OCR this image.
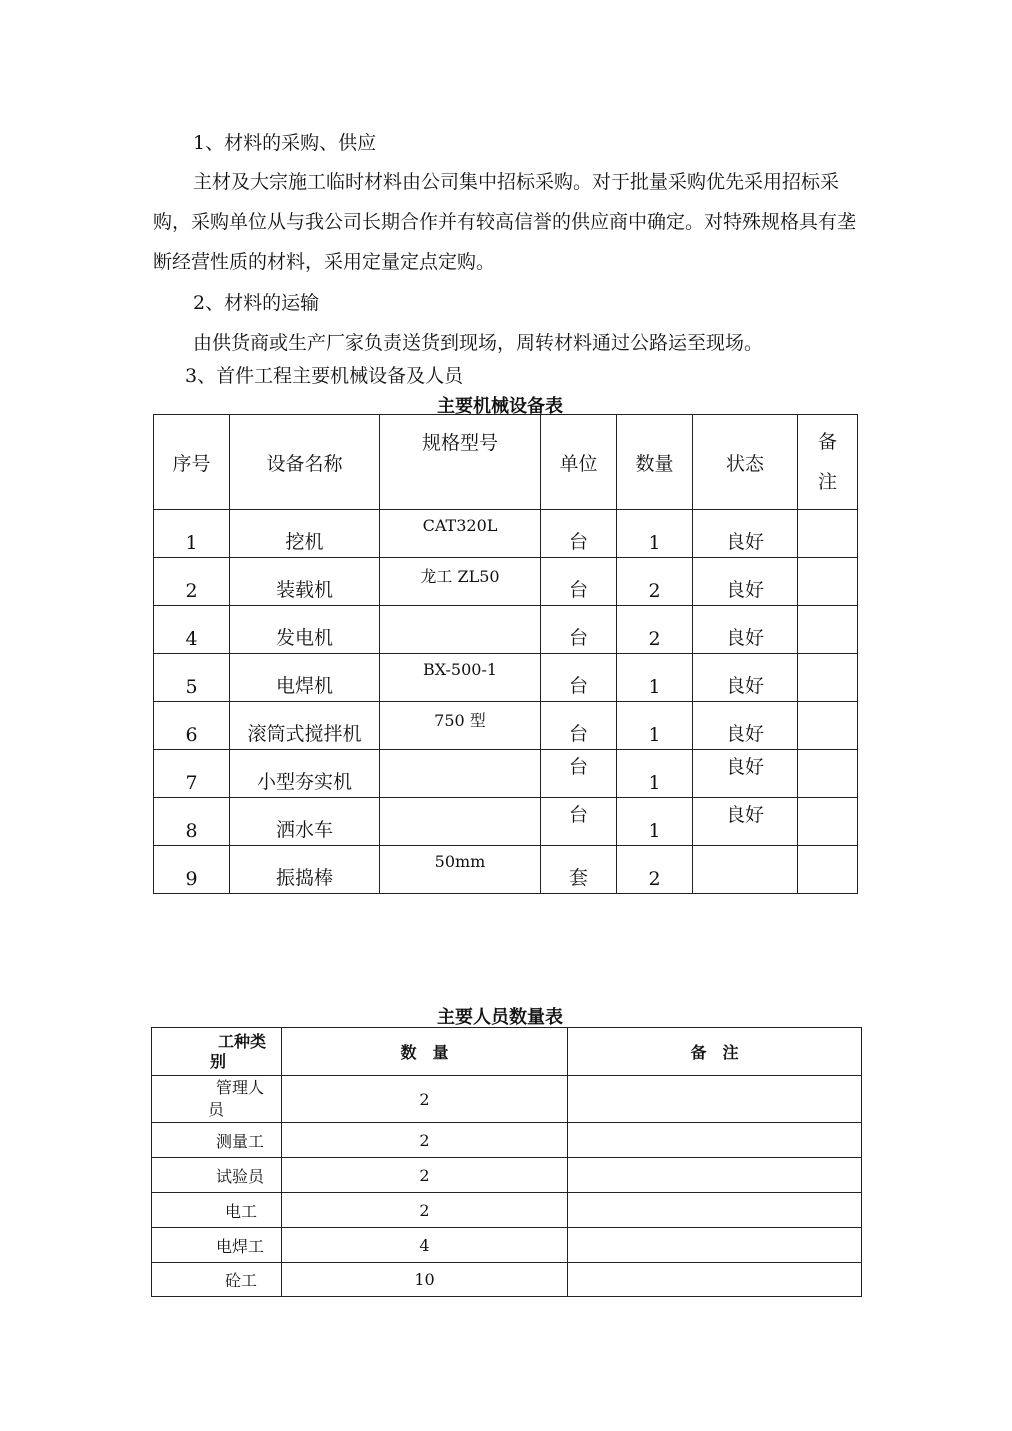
1、材料的采购、供应
主材及大宗施工临时材料由公司集中招标采购。对于批量采购优先采用招标采购，采购单位从与我公司长期合作并有较高信誉的供应商中确定。对特殊规格具有垄断经营性质的材料，采用定量定点定购。
2、材料的运输
由供货商或生产厂家负责送货到现场，周转材料通过公路运至现场。
3、首件工程主要机械设备及人员
主要机械设备表
序号	设备名称	规格型号	单位	数量	状态	备
注

1	挖机	CAT320L	台	1	良好	

2	装载机	龙工 ZL50	台	2	良好	

4	发电机		台	2	良好	

5	电焊机	BX-500-1	台	1	良好	

6	滚筒式搅拌机	750 型	台	1	良好	

7	小型夯实机		台	1	良好	

8	洒水车		台	1	良好	

9	振捣棒	50mm	套	2		

主要人员数量表
工种类
别	数　量	备　注

管理人
员	2	
测量工	2	
试验员	2	
电工	2	
电焊工	4	
砼工	10	
